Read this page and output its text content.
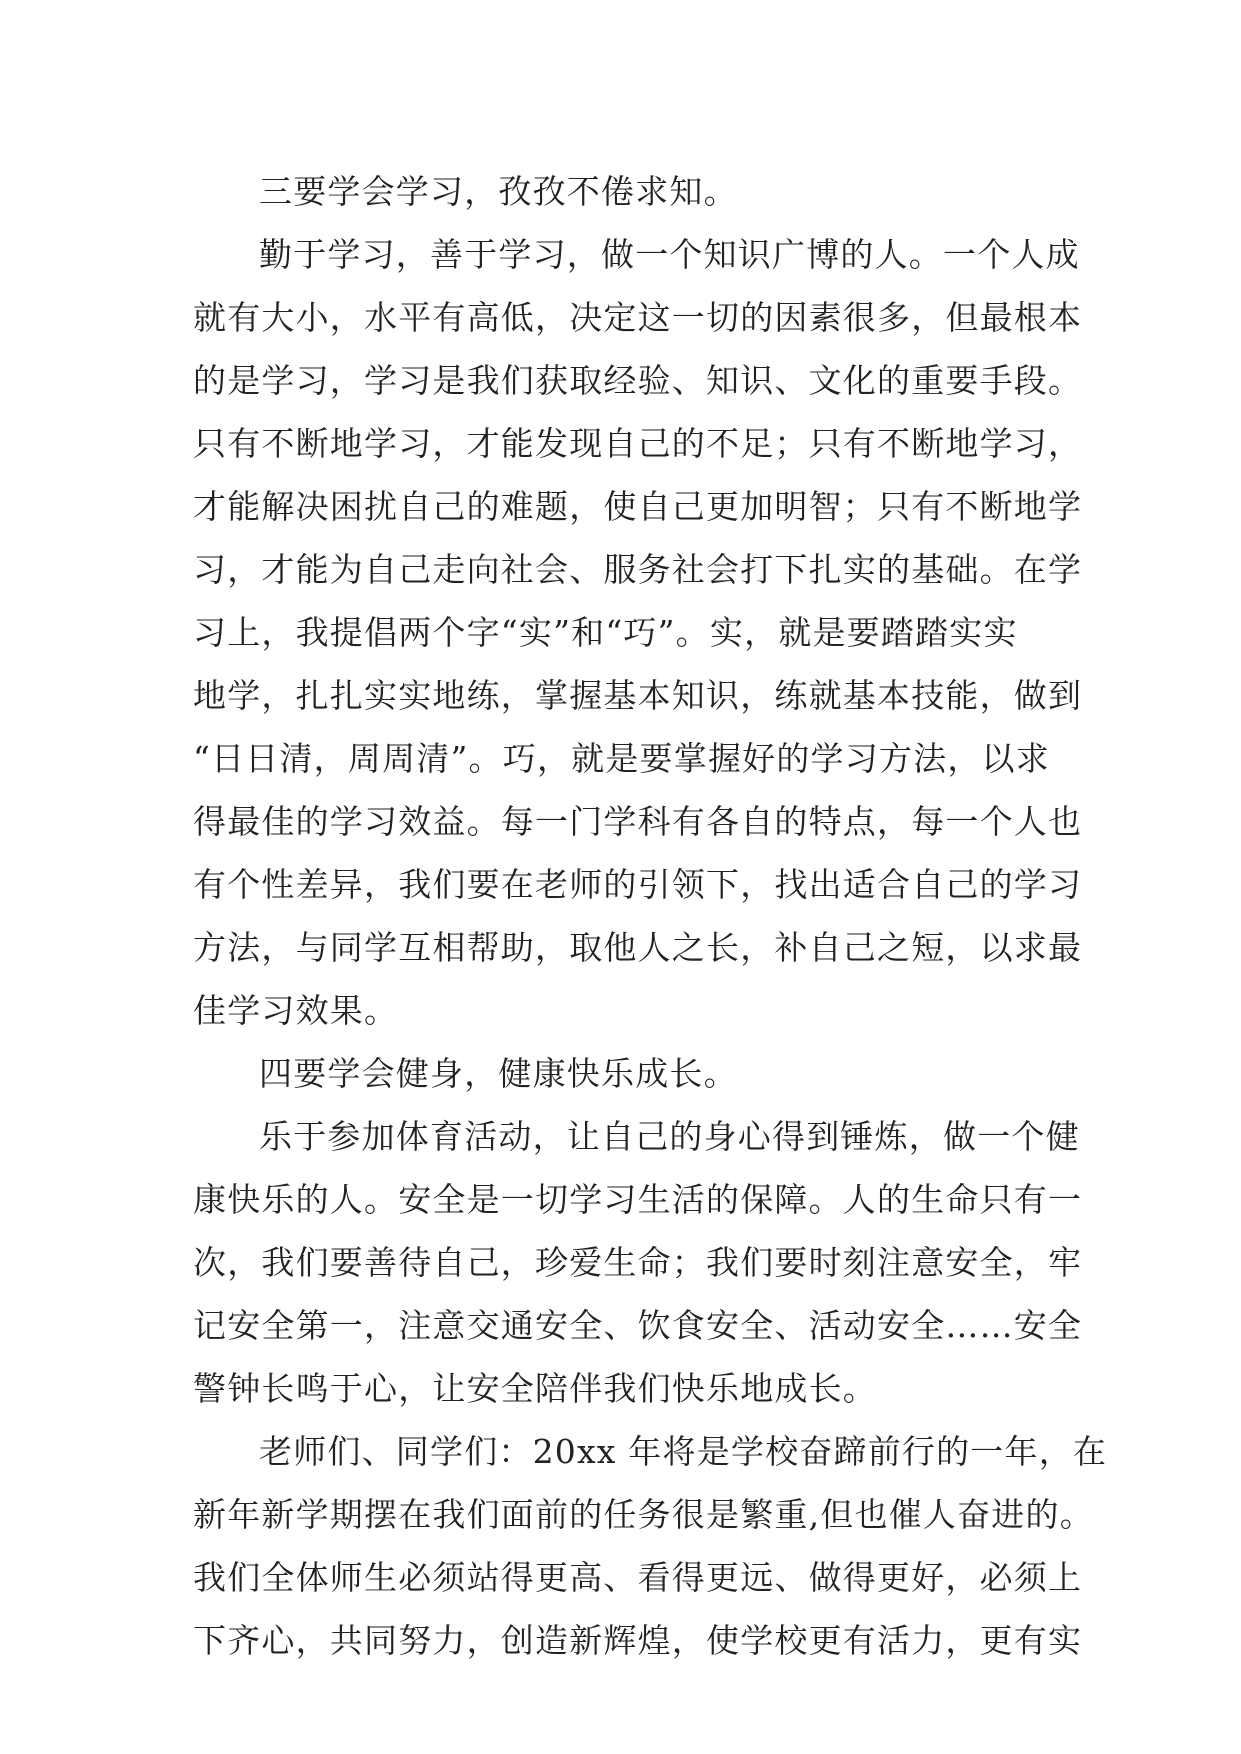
三要学会学习，孜孜不倦求知。
勤于学习，善于学习，做一个知识广博的人。一个人成
就有大小，水平有高低，决定这一切的因素很多，但最根本
的是学习，学习是我们获取经验、知识、文化的重要手段。
只有不断地学习，才能发现自己的不足；只有不断地学习，
才能解决困扰自己的难题，使自己更加明智；只有不断地学
习，才能为自己走向社会、服务社会打下扎实的基础。在学
习上，我提倡两个字“实”和“巧”。实，就是要踏踏实实
地学，扎扎实实地练，掌握基本知识，练就基本技能，做到
“日日清，周周清”。巧，就是要掌握好的学习方法，以求
得最佳的学习效益。每一门学科有各自的特点，每一个人也
有个性差异，我们要在老师的引领下，找出适合自己的学习
方法，与同学互相帮助，取他人之长，补自己之短，以求最
佳学习效果。
四要学会健身，健康快乐成长。
乐于参加体育活动，让自己的身心得到锤炼，做一个健
康快乐的人。安全是一切学习生活的保障。人的生命只有一
次，我们要善待自己，珍爱生命；我们要时刻注意安全，牢
记安全第一，注意交通安全、饮食安全、活动安全……安全
警钟长鸣于心，让安全陪伴我们快乐地成长。
老师们、同学们：20xx 年将是学校奋蹄前行的一年，在
新年新学期摆在我们面前的任务很是繁重,但也催人奋进的。
我们全体师生必须站得更高、看得更远、做得更好，必须上
下齐心，共同努力，创造新辉煌，使学校更有活力，更有实
